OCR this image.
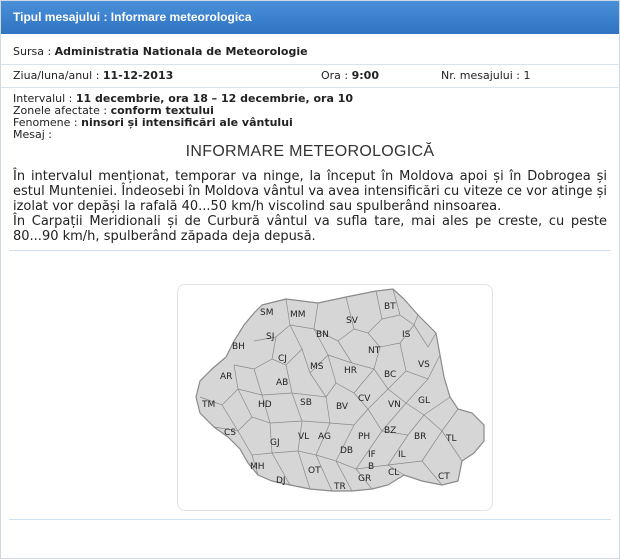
Tipul mesajului : Informare meteorologica
Sursa : Administratia Nationala de Meteorologie
Ziua/luna/anul : 11-12-2013	Ora : 9:00	Nr. mesajului : 1
Intervalul : 11 decembrie, ora 18 – 12 decembrie, ora 10
Zonele afectate : conform textului
Fenomene : ninsori și intensificări ale vântului
Mesaj :
INFORMARE METEOROLOGICĂ

În intervalul menționat, temporar va ninge, la început în Moldova apoi și în Dobrogea și estul Munteniei. Îndeosebi în Moldova vântul va avea intensificări cu viteze ce vor atinge și izolat vor depăși la rafală 40...50 km/h viscolind sau spulberând ninsoarea.

În Carpații Meridionali și de Curbură vântul va sufla tare, mai ales pe creste, cu peste 80...90 km/h, spulberând zăpada deja depusă.

SM MM
BT
SV
SJ	BN	IS
BH	NT
VS
CJ
MS HR	BC
AR
AB
TM	HD	SB	BV
CV
VN GL
CS	VL AG	PH
BZ
BR TL
GJ
DB IF IL
B
MH	OT
DJ
TR
GR
CL	CT
